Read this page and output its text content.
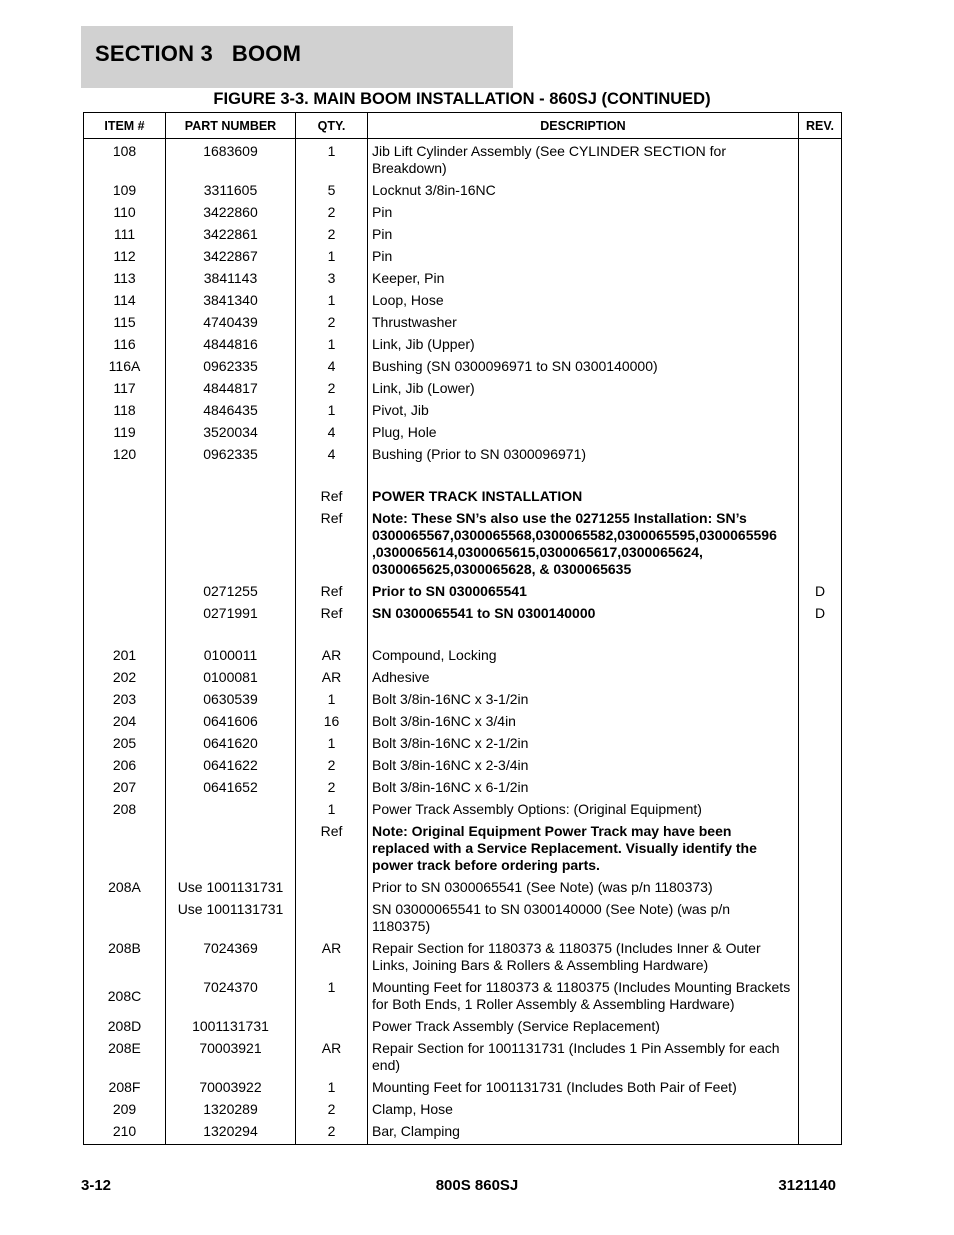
SECTION 3   BOOM
FIGURE 3-3. MAIN BOOM INSTALLATION - 860SJ (CONTINUED)
ITEM #	PART NUMBER	QTY.	DESCRIPTION	REV.
108	1683609	1	Jib Lift Cylinder Assembly (See CYLINDER SECTION for Breakdown)	
109	3311605	5	Locknut 3/8in-16NC	
110	3422860	2	Pin	
111	3422861	2	Pin	
112	3422867	1	Pin	
113	3841143	3	Keeper, Pin	
114	3841340	1	Loop, Hose	
115	4740439	2	Thrustwasher	
116	4844816	1	Link, Jib (Upper)	
116A	0962335	4	Bushing (SN 0300096971 to SN 0300140000)	
117	4844817	2	Link, Jib (Lower)	
118	4846435	1	Pivot, Jib	
119	3520034	4	Plug, Hole	
120	0962335	4	Bushing (Prior to SN 0300096971)	

		Ref	POWER TRACK INSTALLATION	
		Ref	Note: These SN’s also use the 0271255 Installation: SN’s 0300065567,0300065568,0300065582,0300065595,0300065596 ,0300065614,0300065615,0300065617,0300065624, 0300065625,0300065628, & 0300065635	
	0271255	Ref	Prior to SN 0300065541	D
	0271991	Ref	SN 0300065541 to SN 0300140000	D

201	0100011	AR	Compound, Locking	
202	0100081	AR	Adhesive	
203	0630539	1	Bolt 3/8in-16NC x 3-1/2in	
204	0641606	16	Bolt 3/8in-16NC x 3/4in	
205	0641620	1	Bolt 3/8in-16NC x 2-1/2in	
206	0641622	2	Bolt 3/8in-16NC x 2-3/4in	
207	0641652	2	Bolt 3/8in-16NC x 6-1/2in	
208		1	Power Track Assembly Options: (Original Equipment)	
		Ref	Note: Original Equipment Power Track may have been replaced with a Service Replacement. Visually identify the power track before ordering parts.	
208A	Use 1001131731		Prior to SN 0300065541 (See Note) (was p/n 1180373)	
	Use 1001131731		SN 03000065541 to SN 0300140000 (See Note) (was p/n 1180375)	
208B	7024369	AR	Repair Section for 1180373 & 1180375 (Includes Inner & Outer Links, Joining Bars & Rollers & Assembling Hardware)	
208C	7024370	1	Mounting Feet for 1180373 & 1180375 (Includes Mounting Brackets for Both Ends, 1 Roller Assembly & Assembling Hardware)	
208D	1001131731		Power Track Assembly (Service Replacement)	
208E	70003921	AR	Repair Section for 1001131731 (Includes 1 Pin Assembly for each end)	
208F	70003922	1	Mounting Feet for 1001131731 (Includes Both Pair of Feet)	
209	1320289	2	Clamp, Hose	
210	1320294	2	Bar, Clamping	
3-12	800S 860SJ	3121140
